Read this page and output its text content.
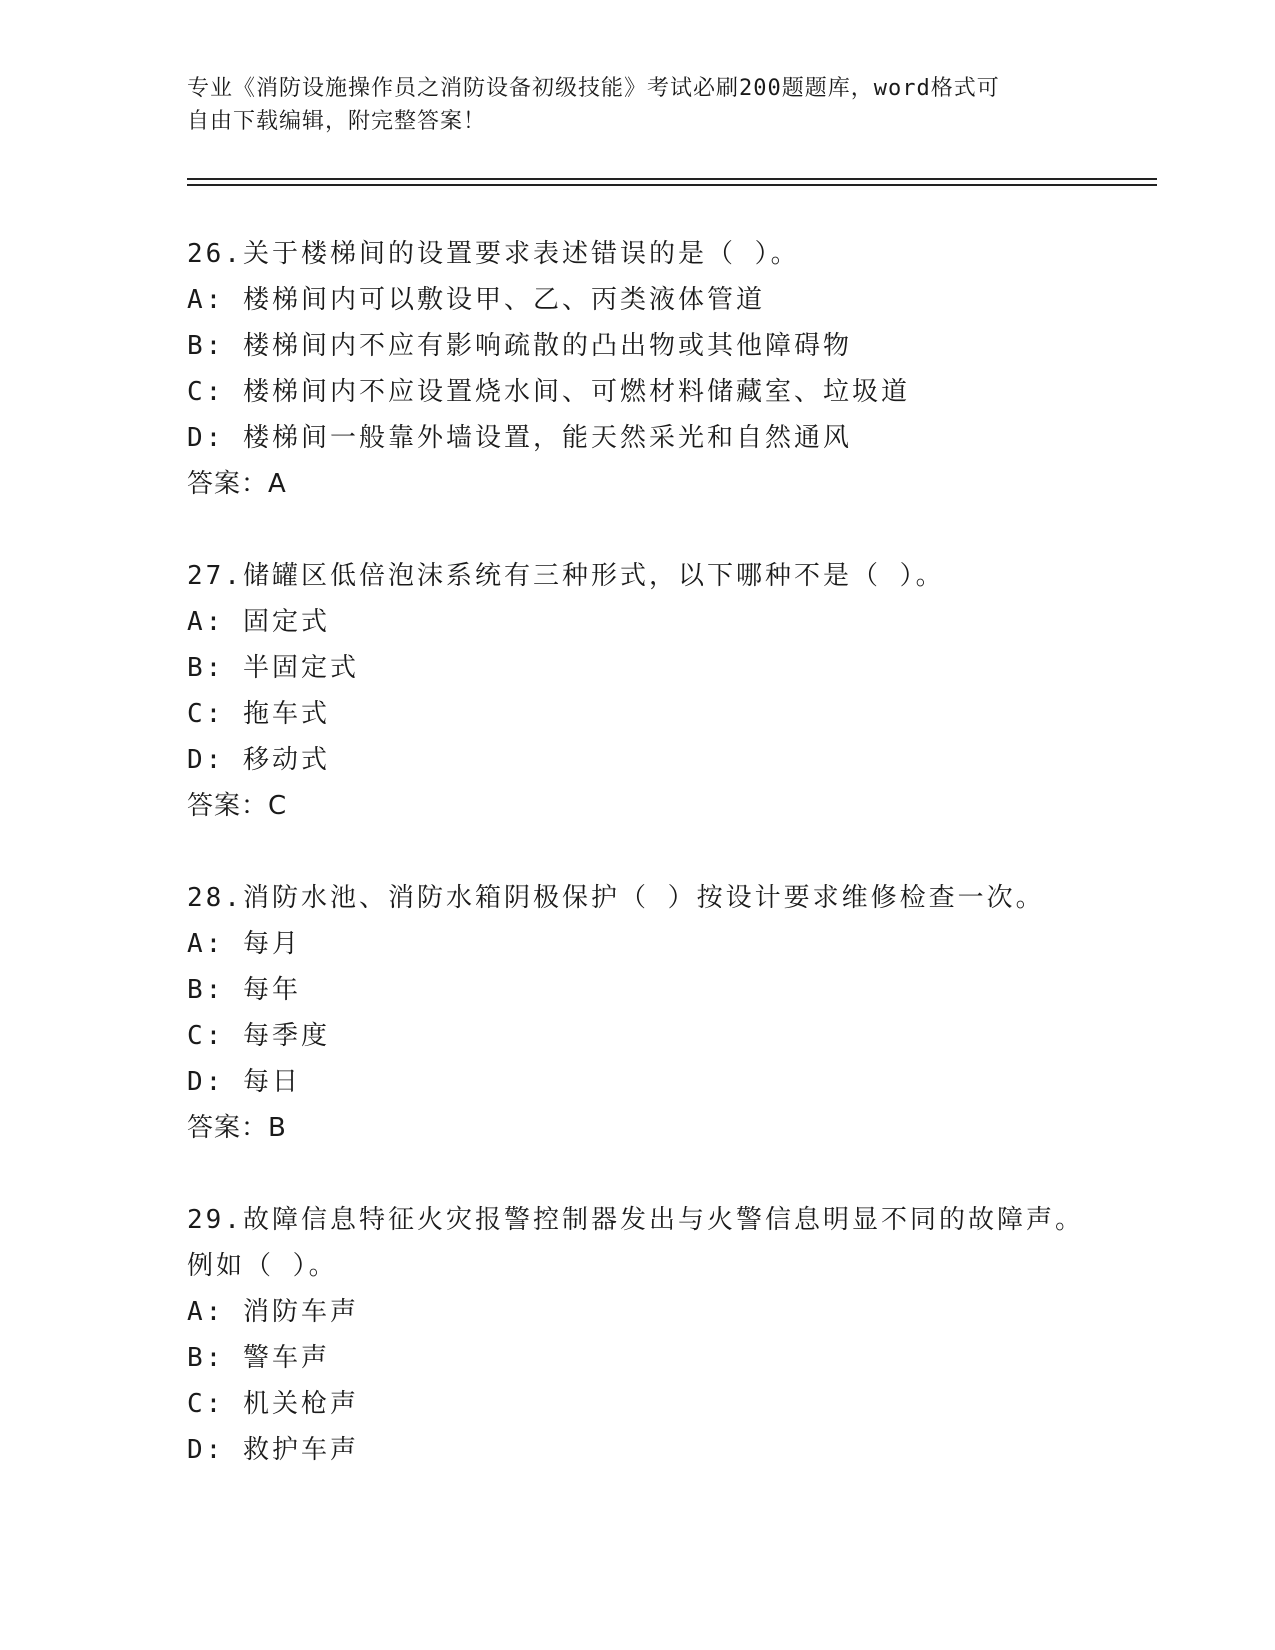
专业《消防设施操作员之消防设备初级技能》考试必刷200题题库，word格式可
自由下载编辑，附完整答案！
26.关于楼梯间的设置要求表述错误的是（ ）。
A: 楼梯间内可以敷设甲、乙、丙类液体管道
B: 楼梯间内不应有影响疏散的凸出物或其他障碍物
C: 楼梯间内不应设置烧水间、可燃材料储藏室、垃圾道
D: 楼梯间一般靠外墙设置，能天然采光和自然通风
答案：A
27.储罐区低倍泡沫系统有三种形式，以下哪种不是（ ）。
A: 固定式
B: 半固定式
C: 拖车式
D: 移动式
答案：C
28.消防水池、消防水箱阴极保护（ ）按设计要求维修检查一次。
A: 每月
B: 每年
C: 每季度
D: 每日
答案：B
29.故障信息特征火灾报警控制器发出与火警信息明显不同的故障声。
例如（ ）。
A: 消防车声
B: 警车声
C: 机关枪声
D: 救护车声
